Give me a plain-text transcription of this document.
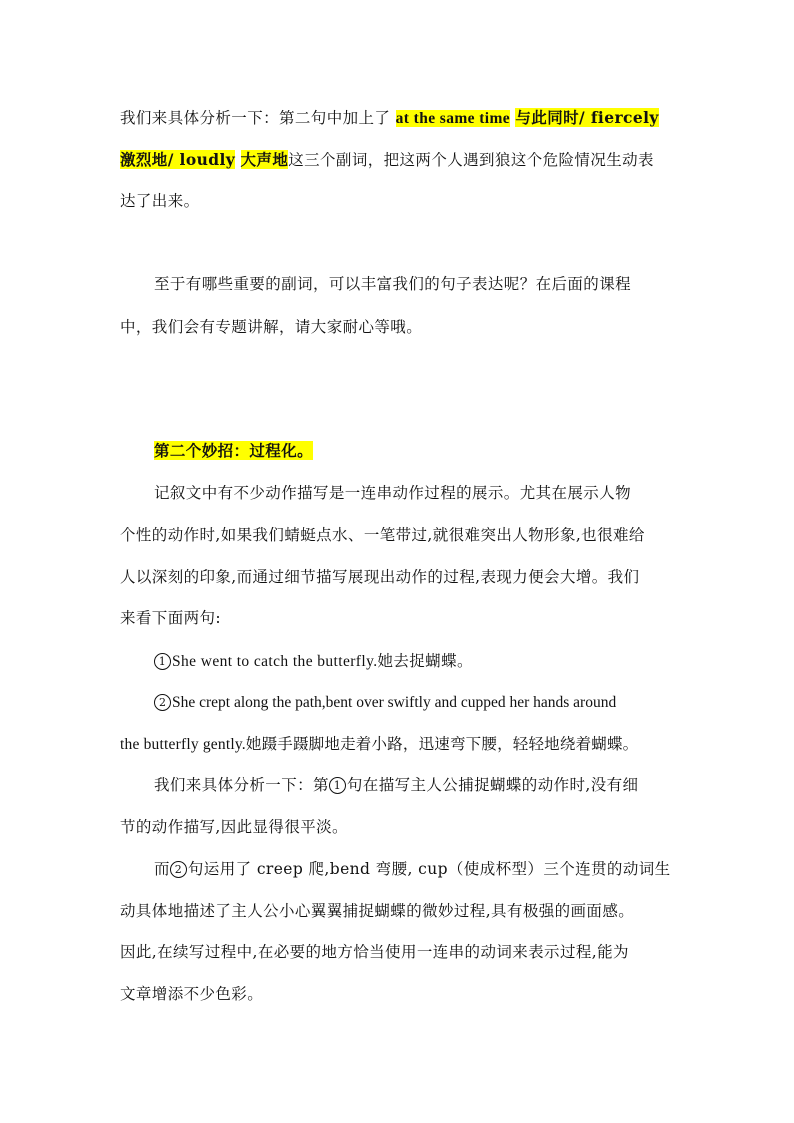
我们来具体分析一下：第二句中加上了 at the same time 与此同时/ fiercely
激烈地/ loudly 大声地这三个副词，把这两个人遇到狼这个危险情况生动表
达了出来。
至于有哪些重要的副词，可以丰富我们的句子表达呢？在后面的课程
中，我们会有专题讲解，请大家耐心等哦。
第二个妙招：过程化。
记叙文中有不少动作描写是一连串动作过程的展示。尤其在展示人物
个性的动作时,如果我们蜻蜓点水、一笔带过,就很难突出人物形象,也很难给
人以深刻的印象,而通过细节描写展现出动作的过程,表现力便会大增。我们
来看下面两句:
1 She went to catch the butterfly.她去捉蝴蝶。
2 She crept along the path,bent over swiftly and cupped her hands around
the butterfly gently.她蹑手蹑脚地走着小路，迅速弯下腰，轻轻地绕着蝴蝶。
我们来具体分析一下：第 1 句在描写主人公捕捉蝴蝶的动作时,没有细
节的动作描写,因此显得很平淡。
而 2 句运用了 creep 爬,bend 弯腰, cup（使成杯型）三个连贯的动词生
动具体地描述了主人公小心翼翼捕捉蝴蝶的微妙过程,具有极强的画面感。
因此,在续写过程中,在必要的地方恰当使用一连串的动词来表示过程,能为
文章增添不少色彩。
